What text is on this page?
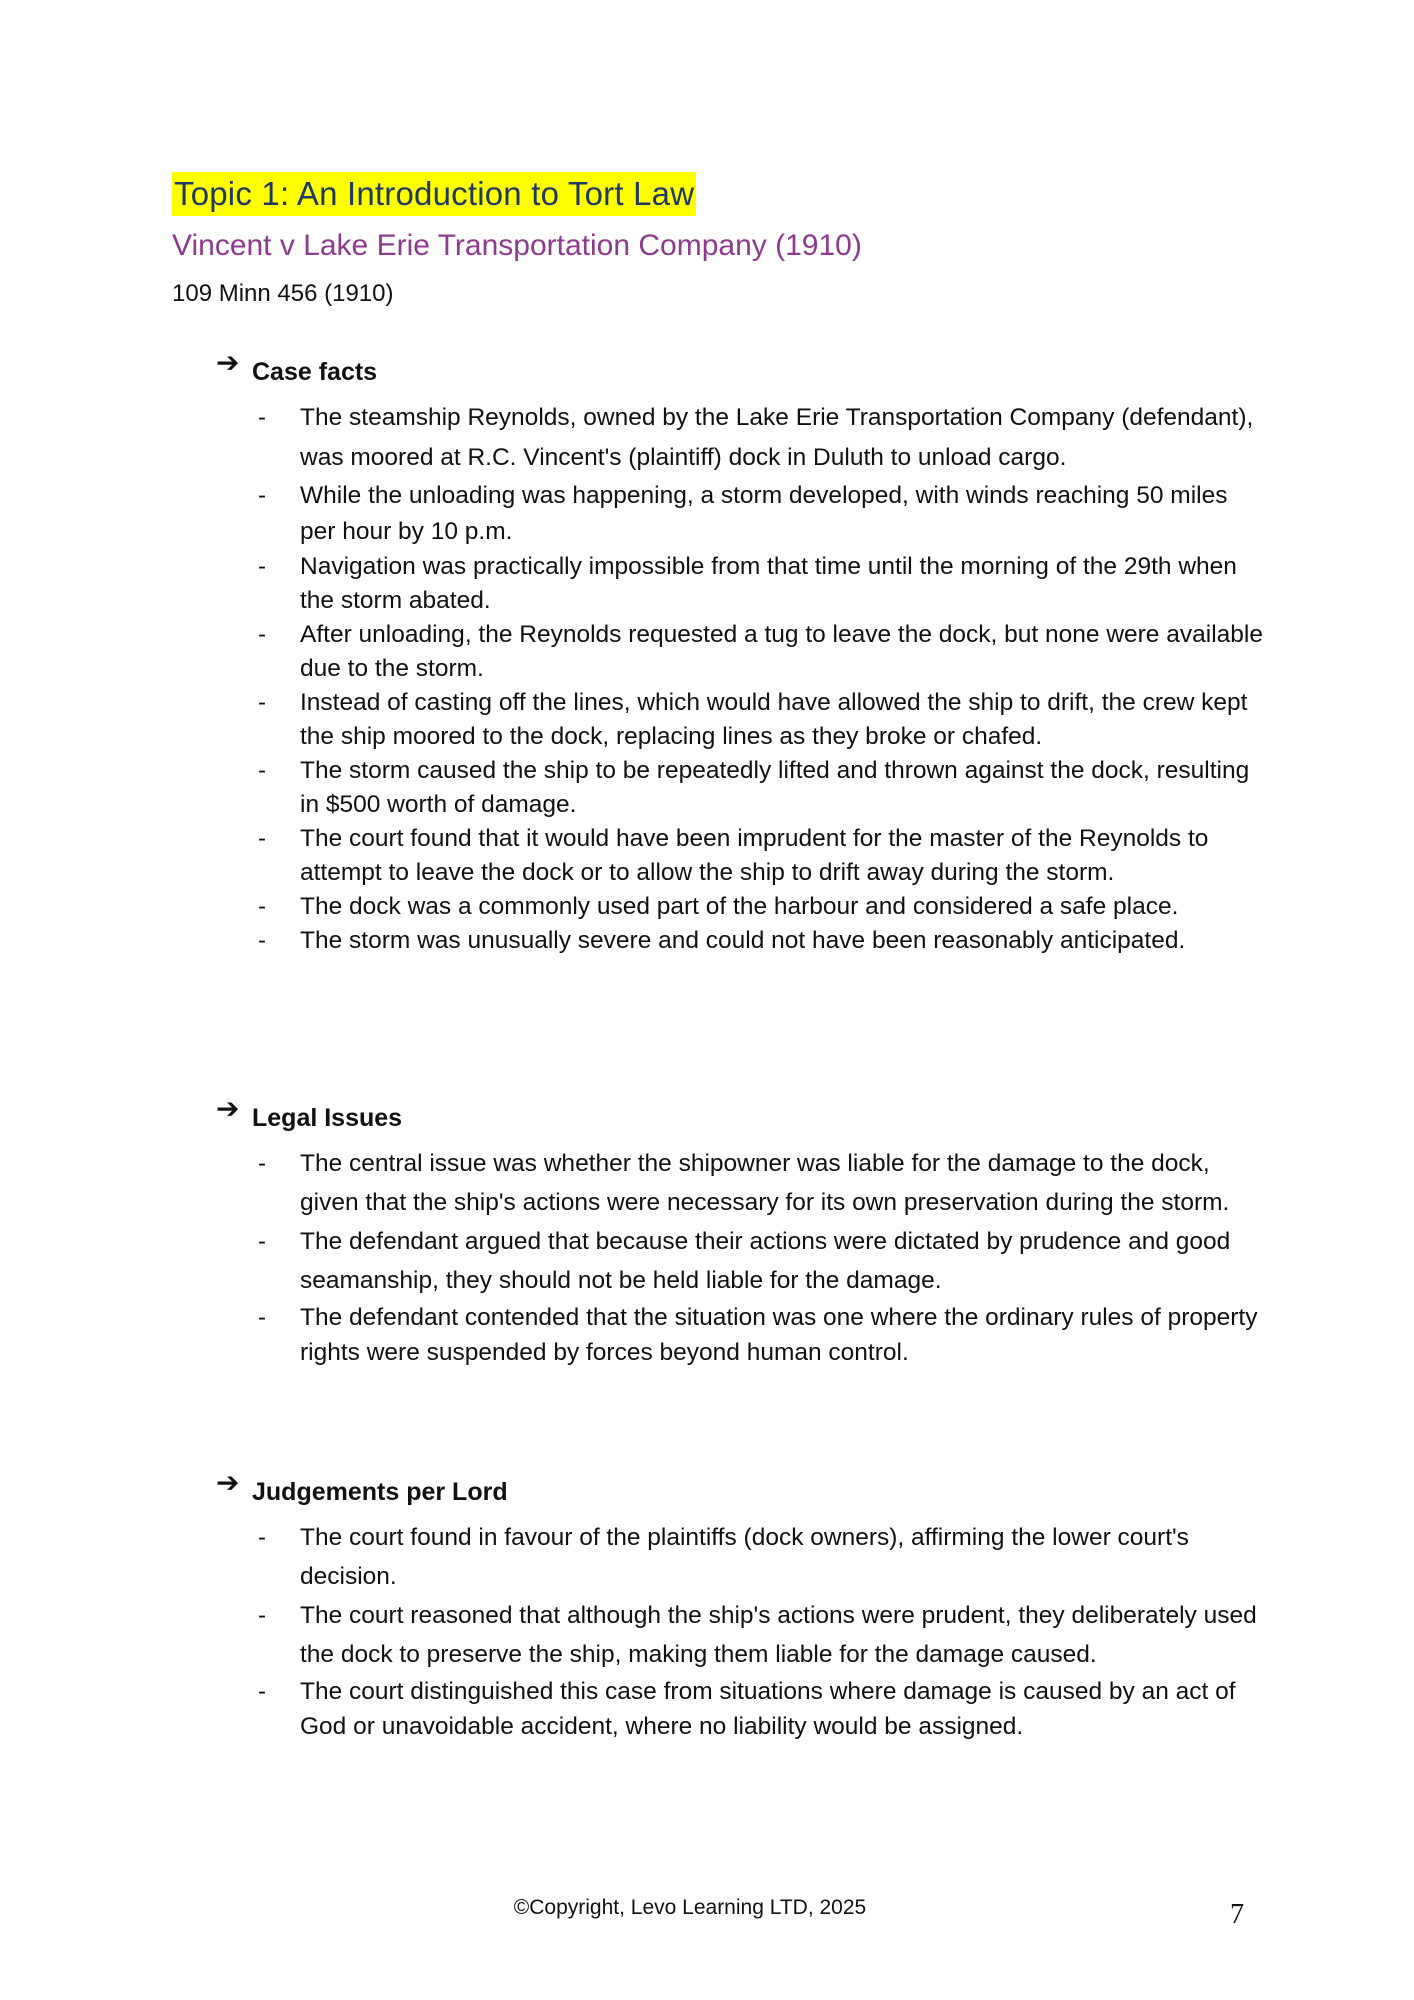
Topic 1: An Introduction to Tort Law
Vincent v Lake Erie Transportation Company (1910)
109 Minn 456 (1910)
➔ Case facts
- The steamship Reynolds, owned by the Lake Erie Transportation Company (defendant), was moored at R.C. Vincent's (plaintiff) dock in Duluth to unload cargo.
- While the unloading was happening, a storm developed, with winds reaching 50 miles per hour by 10 p.m.
- Navigation was practically impossible from that time until the morning of the 29th when the storm abated.
- After unloading, the Reynolds requested a tug to leave the dock, but none were available due to the storm.
- Instead of casting off the lines, which would have allowed the ship to drift, the crew kept the ship moored to the dock, replacing lines as they broke or chafed.
- The storm caused the ship to be repeatedly lifted and thrown against the dock, resulting in $500 worth of damage.
- The court found that it would have been imprudent for the master of the Reynolds to attempt to leave the dock or to allow the ship to drift away during the storm.
- The dock was a commonly used part of the harbour and considered a safe place.
- The storm was unusually severe and could not have been reasonably anticipated.
➔ Legal Issues
- The central issue was whether the shipowner was liable for the damage to the dock, given that the ship's actions were necessary for its own preservation during the storm.
- The defendant argued that because their actions were dictated by prudence and good seamanship, they should not be held liable for the damage.
- The defendant contended that the situation was one where the ordinary rules of property rights were suspended by forces beyond human control.
➔ Judgements per Lord
- The court found in favour of the plaintiffs (dock owners), affirming the lower court's decision.
- The court reasoned that although the ship's actions were prudent, they deliberately used the dock to preserve the ship, making them liable for the damage caused.
- The court distinguished this case from situations where damage is caused by an act of God or unavoidable accident, where no liability would be assigned.
©Copyright, Levo Learning LTD, 2025	7
